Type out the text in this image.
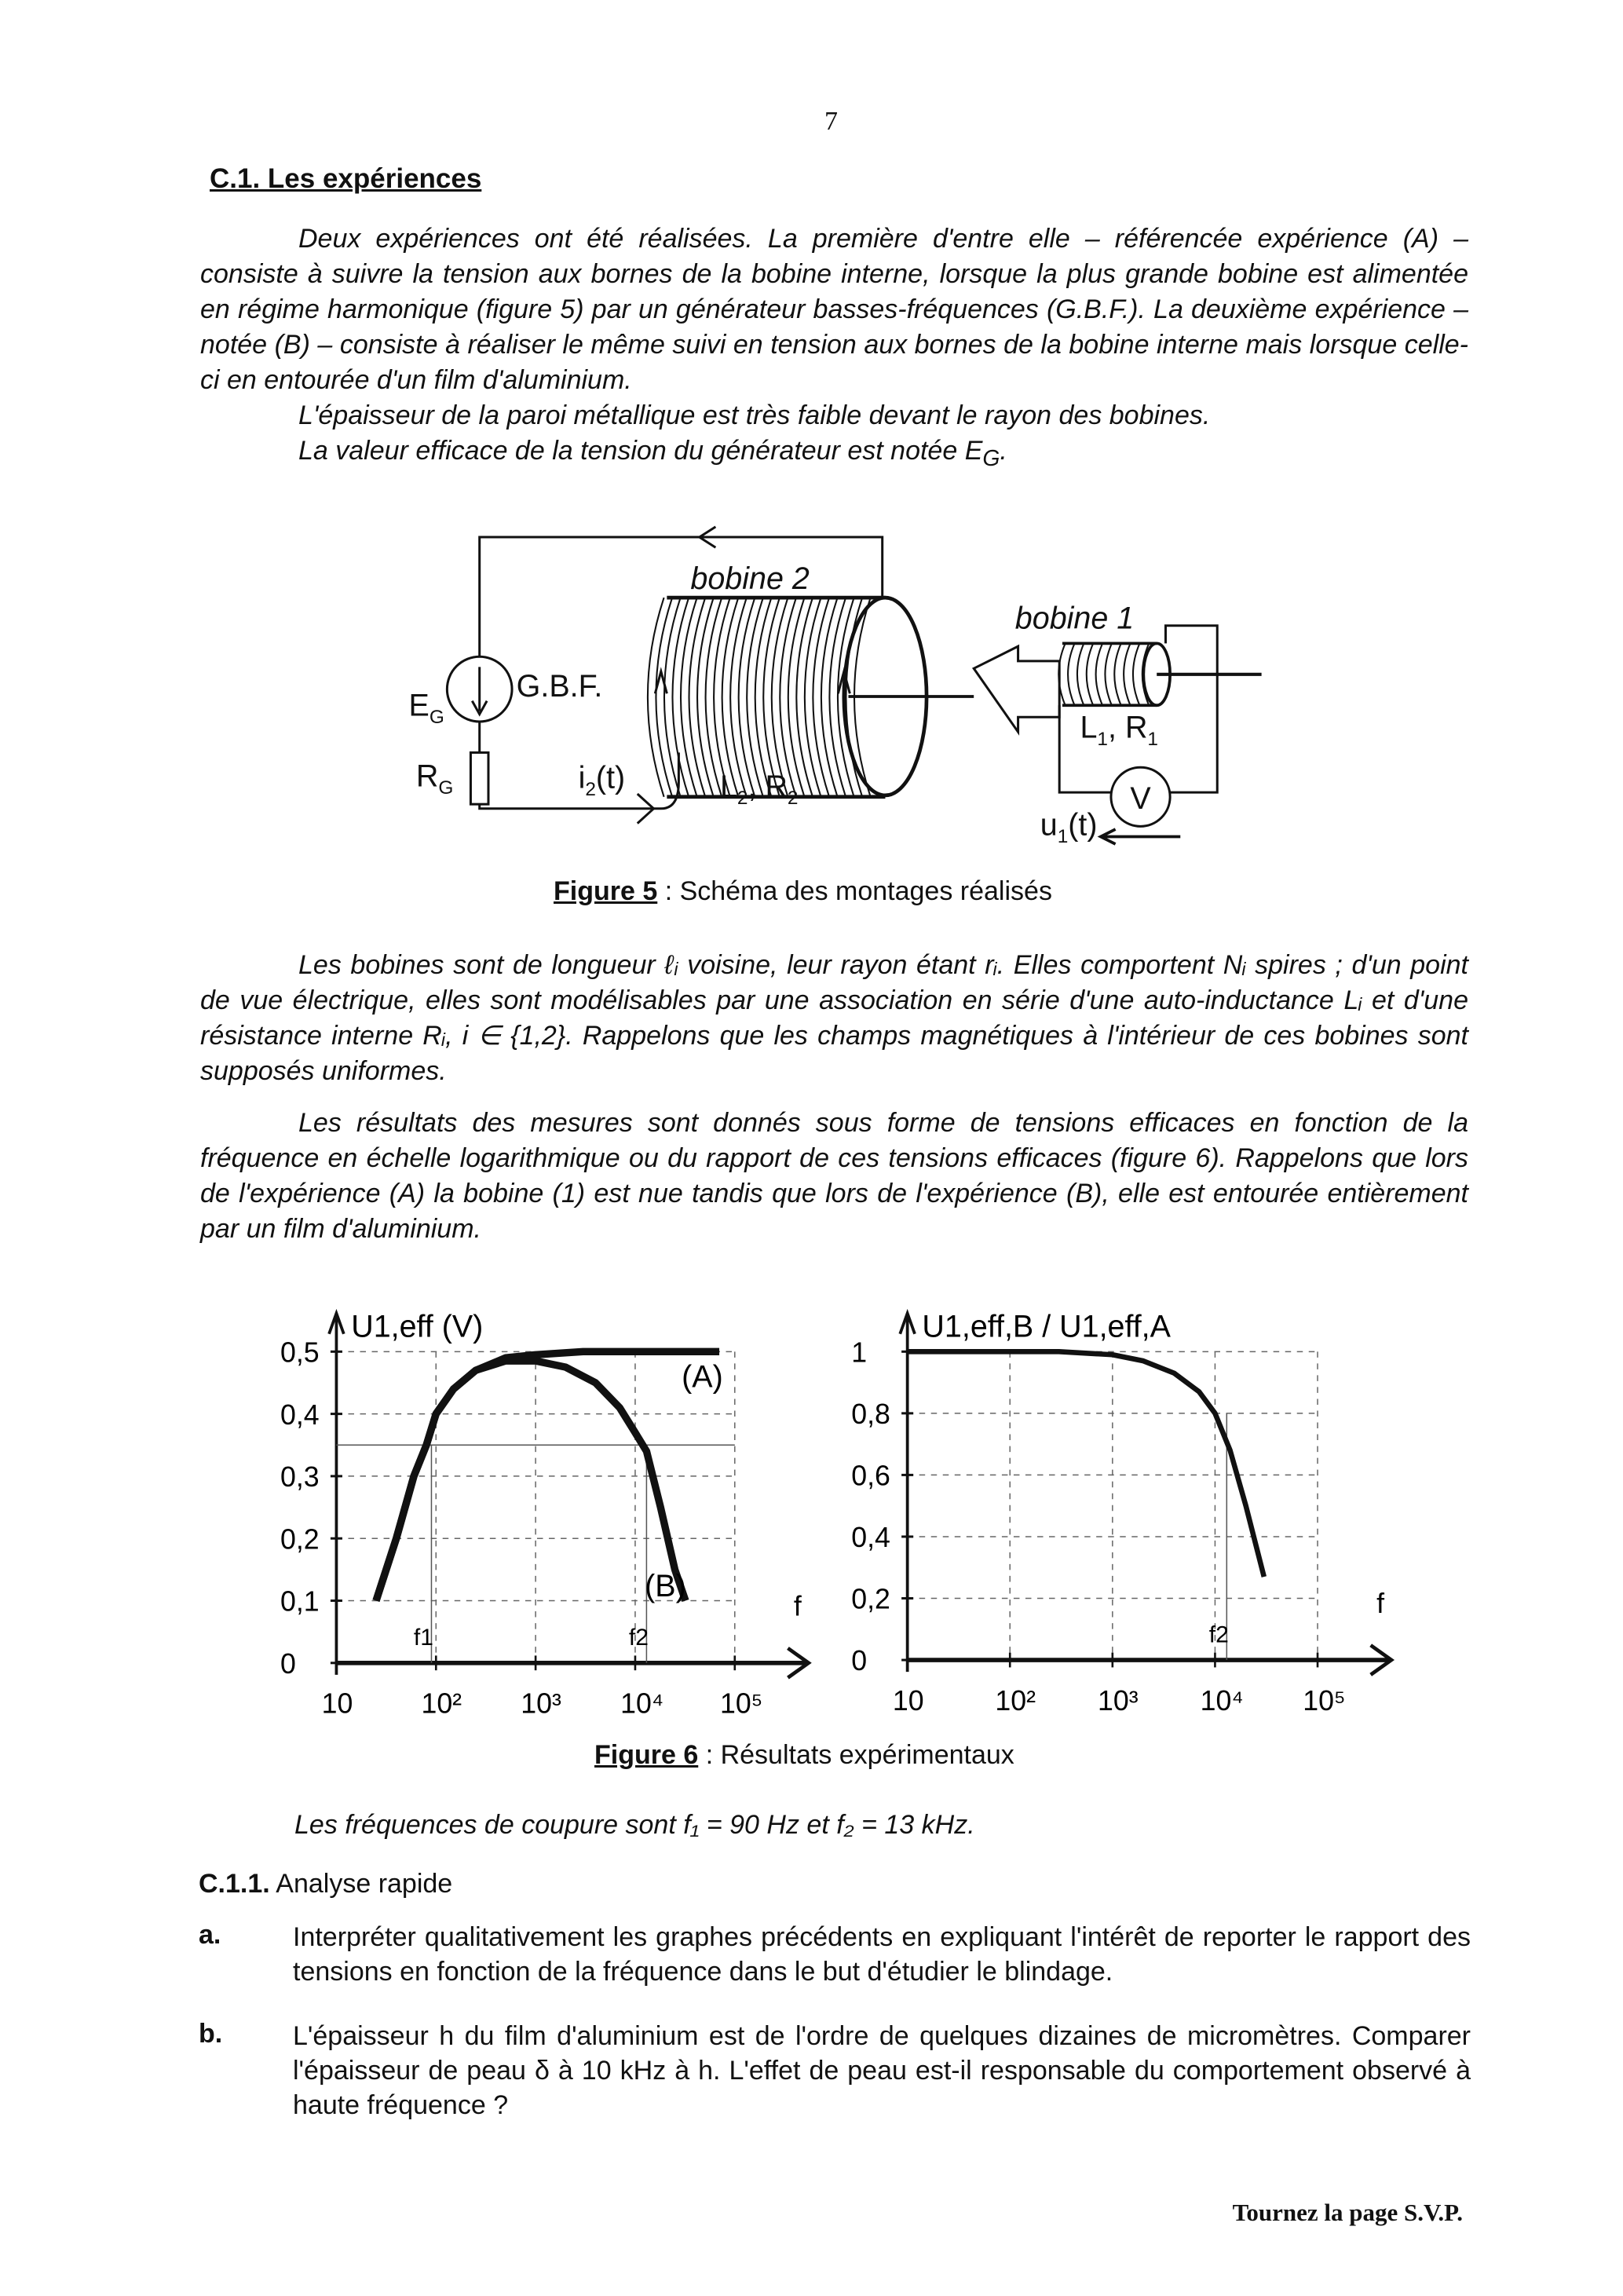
7
C.1. Les expériences
Deux expériences ont été réalisées. La première d'entre elle – référencée expérience (A) – consiste à suivre la tension aux bornes de la bobine interne, lorsque la plus grande bobine est alimentée en régime harmonique (figure 5) par un générateur basses-fréquences (G.B.F.). La deuxième expérience – notée (B) – consiste à réaliser le même suivi en tension aux bornes de la bobine interne mais lorsque celle-ci en entourée d'un film d'aluminium.
L'épaisseur de la paroi métallique est très faible devant le rayon des bobines.
La valeur efficace de la tension du générateur est notée $E_G$.
Figure 5 : Schéma des montages réalisés
Les bobines sont de longueur ℓᵢ voisine, leur rayon étant rᵢ. Elles comportent Nᵢ spires ; d'un point de vue électrique, elles sont modélisables par une association en série d'une auto-inductance Lᵢ et d'une résistance interne Rᵢ, i ∈ {1,2}. Rappelons que les champs magnétiques à l'intérieur de ces bobines sont supposés uniformes.
Les résultats des mesures sont donnés sous forme de tensions efficaces en fonction de la fréquence en échelle logarithmique ou du rapport de ces tensions efficaces (figure 6). Rappelons que lors de l'expérience (A) la bobine (1) est nue tandis que lors de l'expérience (B), elle est entourée entièrement par un film d'aluminium.
Figure 6 : Résultats expérimentaux
Les fréquences de coupure sont f₁ = 90 Hz et f₂ = 13 kHz.
C.1.1. Analyse rapide
a.	Interpréter qualitativement les graphes précédents en expliquant l'intérêt de reporter le rapport des tensions en fonction de la fréquence dans le but d'étudier le blindage.
b.	L'épaisseur h du film d'aluminium est de l'ordre de quelques dizaines de micromètres. Comparer l'épaisseur de peau δ à 10 kHz à h. L'effet de peau est-il responsable du comportement observé à haute fréquence ?
Tournez la page S.V.P.
bobine 2
bobine 1
$E_G$
G.B.F.
$R_G$	$i_2(t)$	$L_2$, $R_2$
$L_1$, $R_1$
$u_1(t)$
V
0
0,1
0,2
0,3
0,4
0,5
10	10²	10³	10⁴	10⁵
f
U1,eff (V)
f1	f2
(A)
(B)
0
0,2
0,4
0,6
0,8
1
10	10²	10³	10⁴	10⁵
f
U1,eff,B / U1,eff,A
f2
